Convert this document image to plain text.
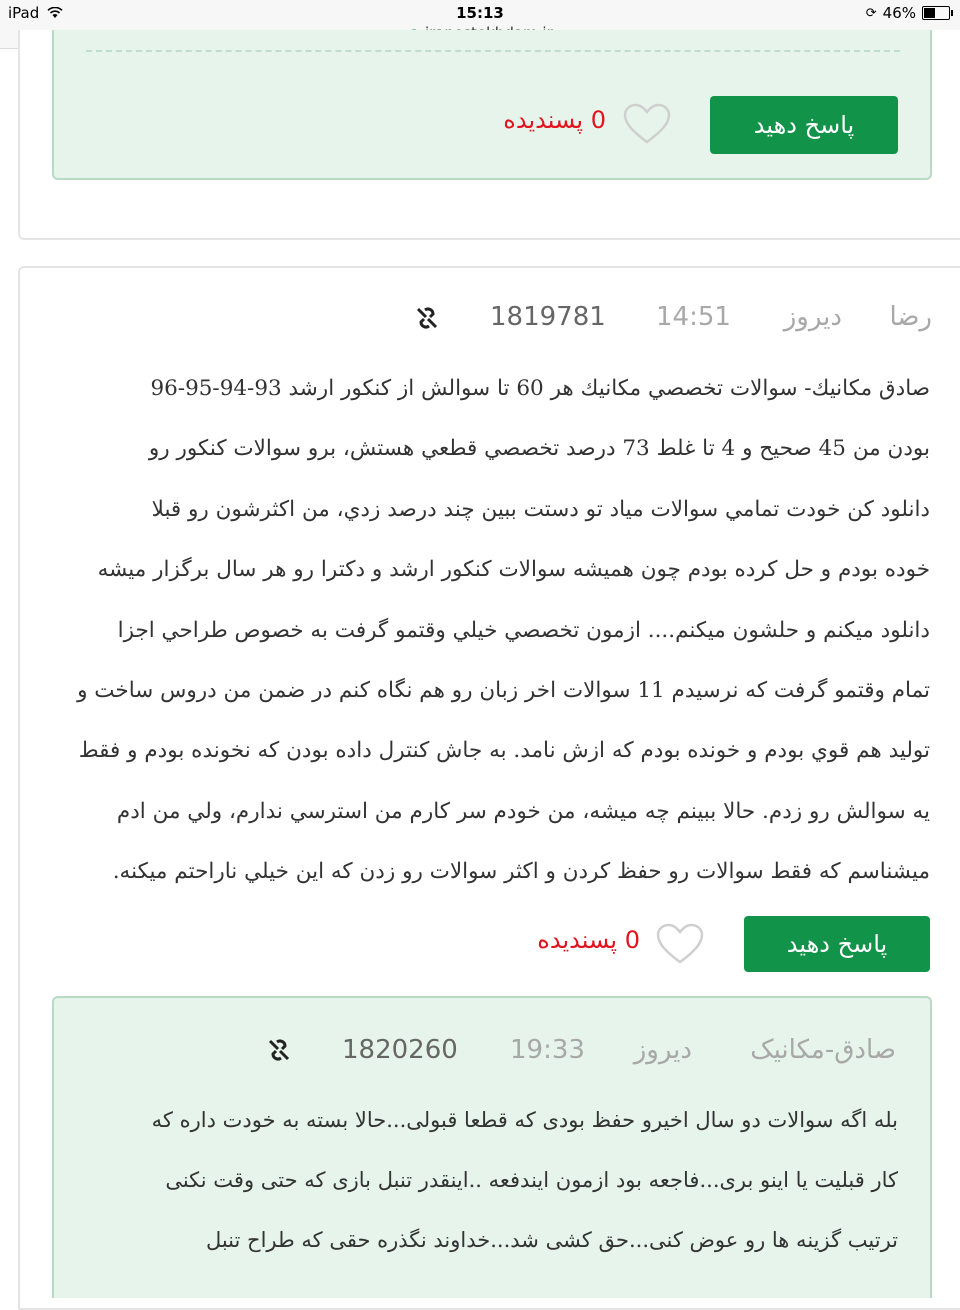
iPad	15:13	⟳ 46%
پاسخ دهید
0 پسندیده
رضا
ديروز
14:51
1819781
صادق مكانيك- سوالات تخصصي مكانيك هر 60 تا سوالش از كنكور ارشد 93-94-95-96
بودن من 45 صحيح و 4 تا غلط 73 درصد تخصصي قطعي هستش، برو سوالات كنكور رو
دانلود كن خودت تمامي سوالات مياد تو دستت ببين چند درصد زدي، من اكثرشون رو قبلا
خوده بودم و حل كرده بودم چون هميشه سوالات كنكور ارشد و دكترا رو هر سال برگزار ميشه
دانلود ميكنم و حلشون ميكنم.... ازمون تخصصي خيلي وقتمو گرفت به خصوص طراحي اجزا
تمام وقتمو گرفت كه نرسيدم 11 سوالات اخر زبان رو هم نگاه كنم در ضمن من دروس ساخت و
توليد هم قوي بودم و خونده بودم كه ازش نامد. به جاش كنترل داده بودن كه نخونده بودم و فقط
يه سوالش رو زدم. حالا ببينم چه ميشه، من خودم سر كارم من استرسي ندارم، ولي من ادم
ميشناسم كه فقط سوالات رو حفظ كردن و اكثر سوالات رو زدن كه اين خيلي ناراحتم ميكنه.
پاسخ دهید
0 پسندیده
صادق-مکانیک
دیروز
19:33
1820260
بله اگه سوالات دو سال اخیرو حفظ بودی که قطعا قبولی...حالا بسته به خودت داره که
کار قبلیت یا اینو بری...فاجعه بود ازمون ایندفعه ..اینقدر تنبل بازی که حتی وقت نکنی
ترتیب گزینه ها رو عوض کنی...حق کشی شد...خداوند نگذره حقی که طراح تنبل
